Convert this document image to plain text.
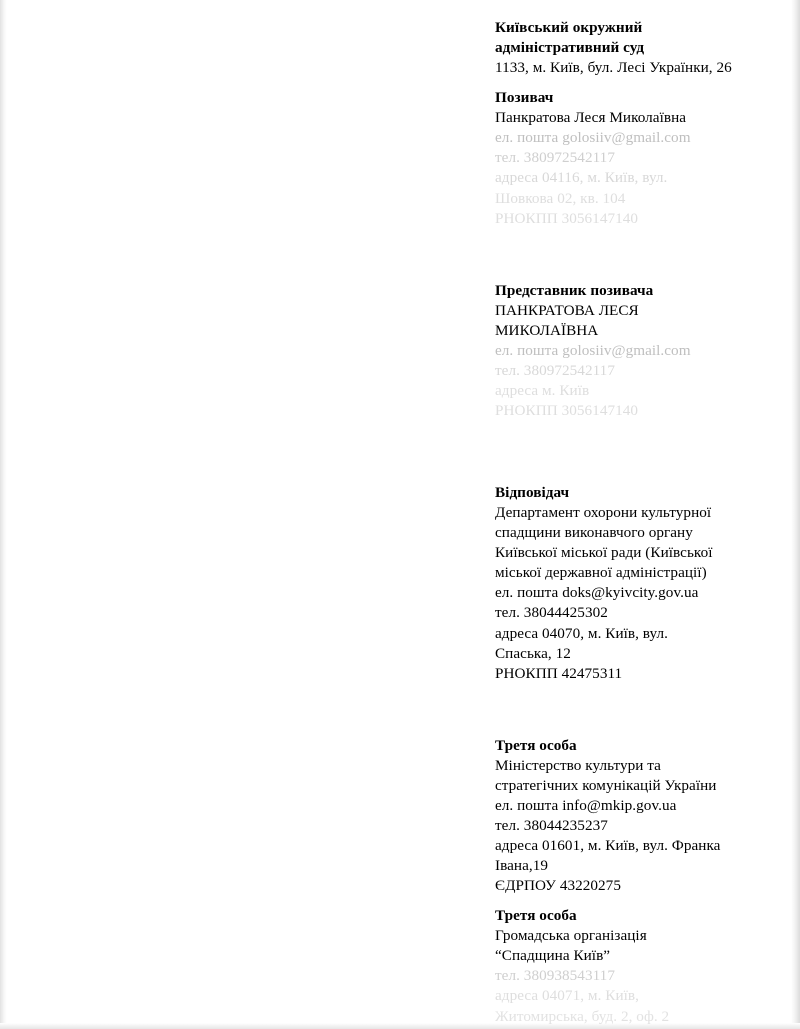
Київський окружний

адміністративний суд

1133, м. Київ, бул. Лесі Українки, 26

Позивач

Панкратова Леся Миколаївна

ел. пошта golosiiv@gmail.com

тел. 380972542117

адреса 04116, м. Київ, вул.

Шовкова 02, кв. 104

РНОКПП 3056147140

Представник позивача

ПАНКРАТОВА ЛЕСЯ

МИКОЛАЇВНА

ел. пошта golosiiv@gmail.com

тел. 380972542117

адреса м. Київ

РНОКПП 3056147140

Відповідач

Департамент охорони культурної

спадщини виконавчого органу

Київської міської ради (Київської

міської державної адміністрації)

ел. пошта doks@kyivcity.gov.ua

тел. 38044425302

адреса 04070, м. Київ, вул.

Спаська, 12

РНОКПП 42475311

Третя особа

Міністерство культури та

стратегічних комунікацій України

ел. пошта info@mkip.gov.ua

тел. 38044235237

адреса 01601, м. Київ, вул. Франка

Івана,19

ЄДРПОУ 43220275

Третя особа

Громадська організація

“Спадщина Київ”

тел. 380938543117

адреса 04071, м. Київ,

Житомирська, буд. 2, оф. 2
